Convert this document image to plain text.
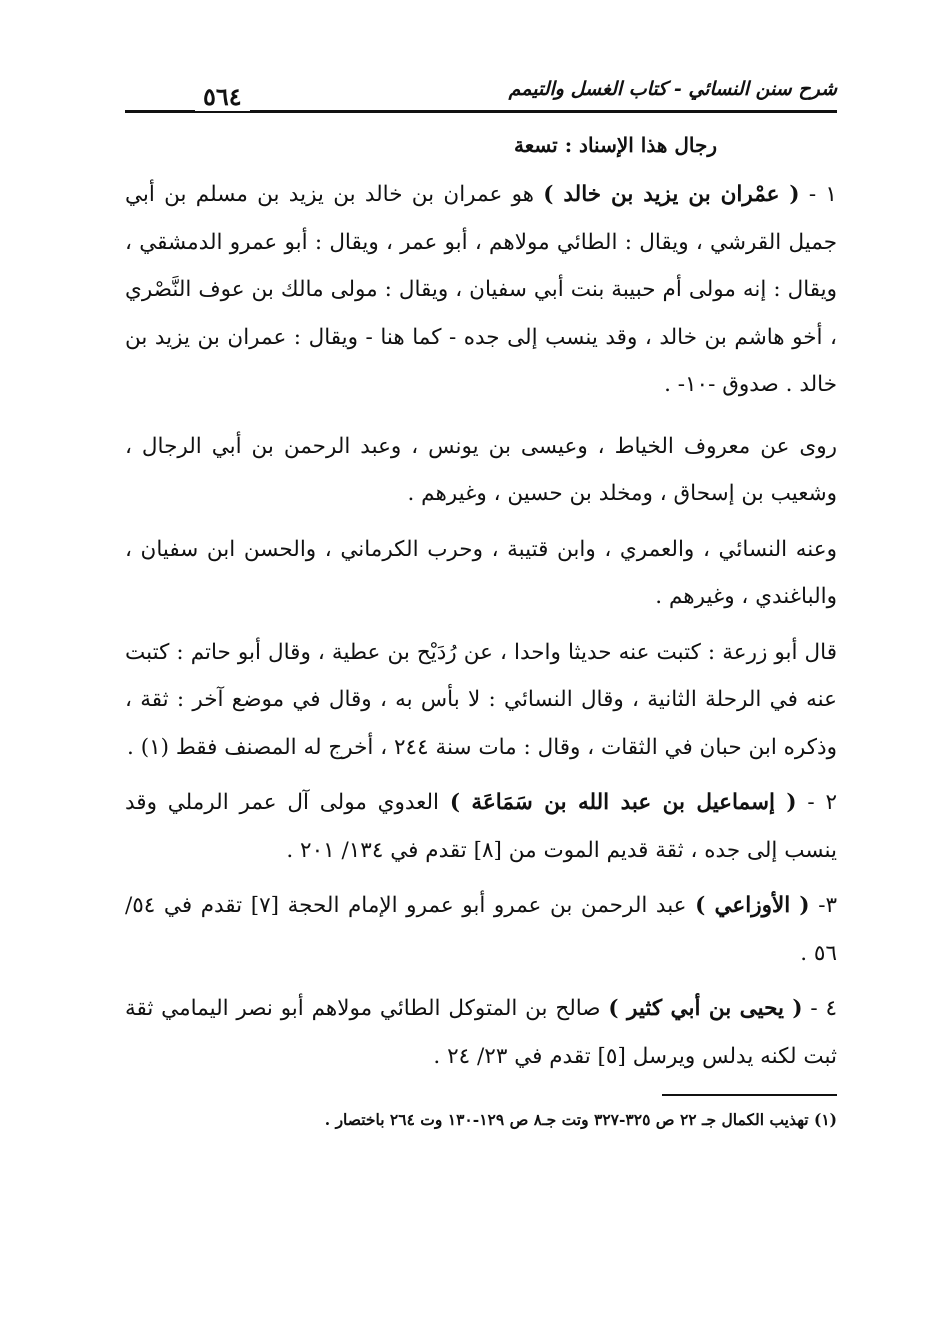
شرح سنن النسائي - كتاب الغسل والتيمم
٥٦٤
رجال هذا الإسناد : تسعة
١ - ( عمْران بن يزيد بن خالد ) هو عمران بن خالد بن يزيد بن مسلم بن أبي جميل القرشي ، ويقال : الطائي مولاهم ، أبو عمر ، ويقال : أبو عمرو الدمشقي ، ويقال : إنه مولى أم حبيبة بنت أبي سفيان ، ويقال : مولى مالك بن عوف النَّصْري ، أخو هاشم بن خالد ، وقد ينسب إلى جده - كما هنا - ويقال : عمران بن يزيد بن خالد . صدوق -١٠- .
روى عن معروف الخياط ، وعيسى بن يونس ، وعبد الرحمن بن أبي الرجال ، وشعيب بن إسحاق ، ومخلد بن حسين ، وغيرهم .
وعنه النسائي ، والعمري ، وابن قتيبة ، وحرب الكرماني ، والحسن ابن سفيان ، والباغندي ، وغيرهم .
قال أبو زرعة : كتبت عنه حديثا واحدا ، عن رُدَيْح بن عطية ، وقال أبو حاتم : كتبت عنه في الرحلة الثانية ، وقال النسائي : لا بأس به ، وقال في موضع آخر : ثقة ، وذكره ابن حبان في الثقات ، وقال : مات سنة ٢٤٤ ، أخرج له المصنف فقط (١) .
٢ - ( إسماعيل بن عبد الله بن سَمَاعَة ) العدوي مولى آل عمر الرملي وقد ينسب إلى جده ، ثقة قديم الموت من [٨] تقدم في ١٣٤/ ٢٠١ .
٣- ( الأوزاعي ) عبد الرحمن بن عمرو أبو عمرو الإمام الحجة [٧] تقدم في ٥٤/ ٥٦ .
٤ - ( يحيى بن أبي كثير ) صالح بن المتوكل الطائي مولاهم أبو نصر اليمامي ثقة ثبت لكنه يدلس ويرسل [٥] تقدم في ٢٣/ ٢٤ .
(١) تهذيب الكمال جـ ٢٢ ص ٣٢٥-٣٢٧ وتت جـ٨ ص ١٢٩-١٣٠ وت ٢٦٤ باختصار .
